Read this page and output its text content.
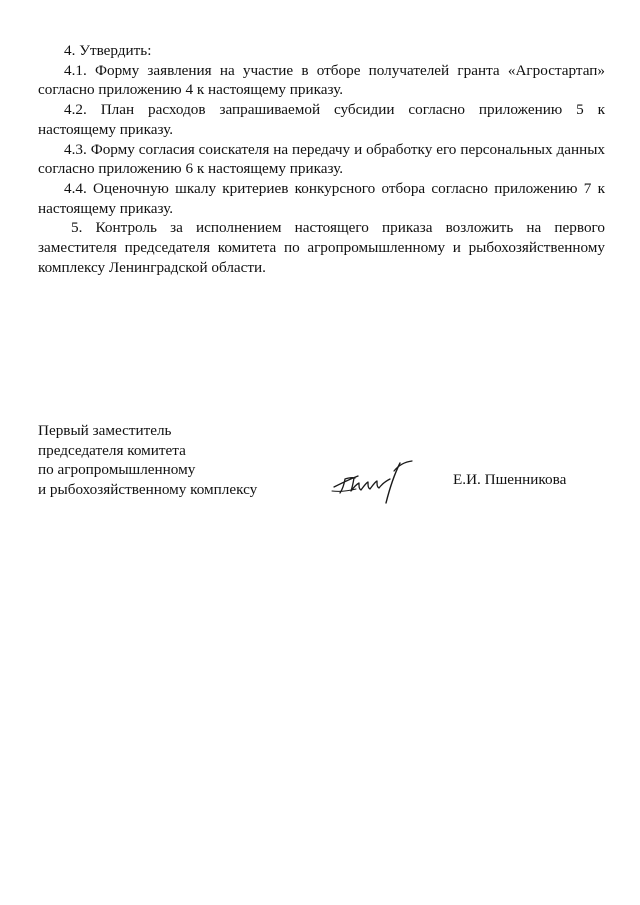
4. Утвердить:

4.1. Форму заявления на участие в отборе получателей гранта «Агростартап» согласно приложению 4 к настоящему приказу.

4.2. План расходов запрашиваемой субсидии согласно приложению 5 к настоящему приказу.

4.3. Форму согласия соискателя на передачу и обработку его персональных данных согласно приложению 6 к настоящему приказу.

4.4. Оценочную шкалу критериев конкурсного отбора согласно приложению 7 к настоящему приказу.

5. Контроль за исполнением настоящего приказа возложить на первого заместителя председателя комитета по агропромышленному и рыбохозяйственному комплексу Ленинградской области.

Первый заместитель
председателя комитета
по агропромышленному
и рыбохозяйственному комплексу
Е.И. Пшенникова
